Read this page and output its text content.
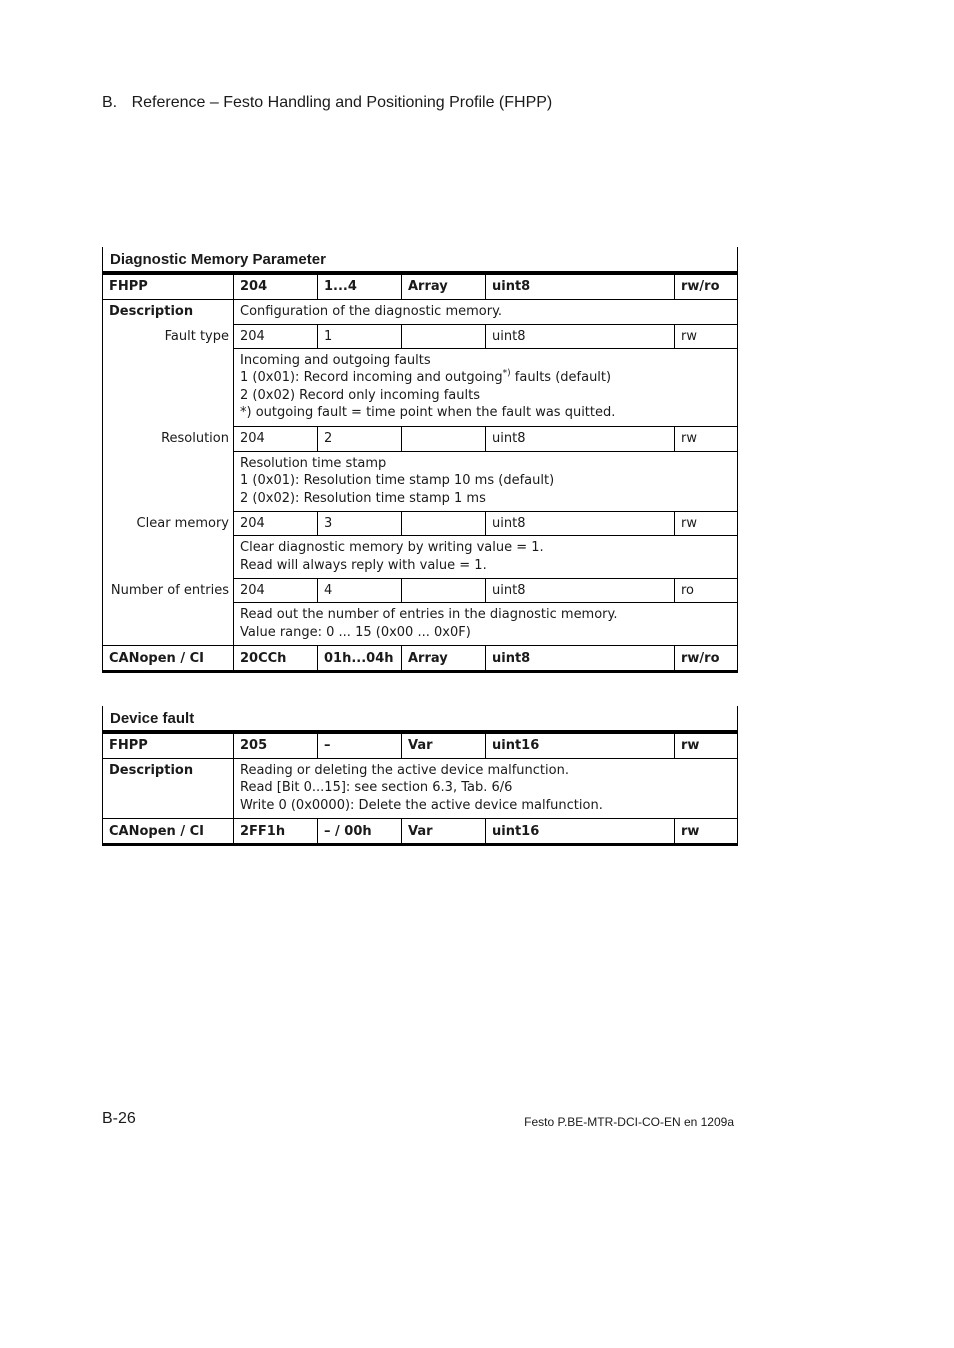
B. Reference – Festo Handling and Positioning Profile (FHPP)
Diagnostic Memory Parameter					
FHPP	204	1...4	Array	uint8	rw/ro
Description	Configuration of the diagnostic memory.				
Fault type	204	1		uint8	rw

	Incoming and outgoing faults
1 (0x01): Record incoming and outgoing*) faults (default)
2 (0x02) Record only incoming faults
*) outgoing fault = time point when the fault was quitted.				

Resolution	204	2		uint8	rw

	Resolution time stamp
1 (0x01): Resolution time stamp 10 ms (default)
2 (0x02): Resolution time stamp 1 ms				

Clear memory	204	3		uint8	rw

	Clear diagnostic memory by writing value = 1.
Read will always reply with value = 1.				

Number of entries	204	4		uint8	ro

	Read out the number of entries in the diagnostic memory.
Value range: 0 ... 15 (0x00 ... 0x0F)				

CANopen / CI	20CCh	01h...04h	Array	uint8	rw/ro
Device fault					
FHPP	205	–	Var	uint16	rw
Description	Reading or deleting the active device malfunction.
Read [Bit 0...15]: see section 6.3, Tab. 6/6
Write 0 (0x0000): Delete the active device malfunction.				

CANopen / CI	2FF1h	– / 00h	Var	uint16	rw
B-26	Festo P.BE-MTR-DCI-CO-EN en 1209a
